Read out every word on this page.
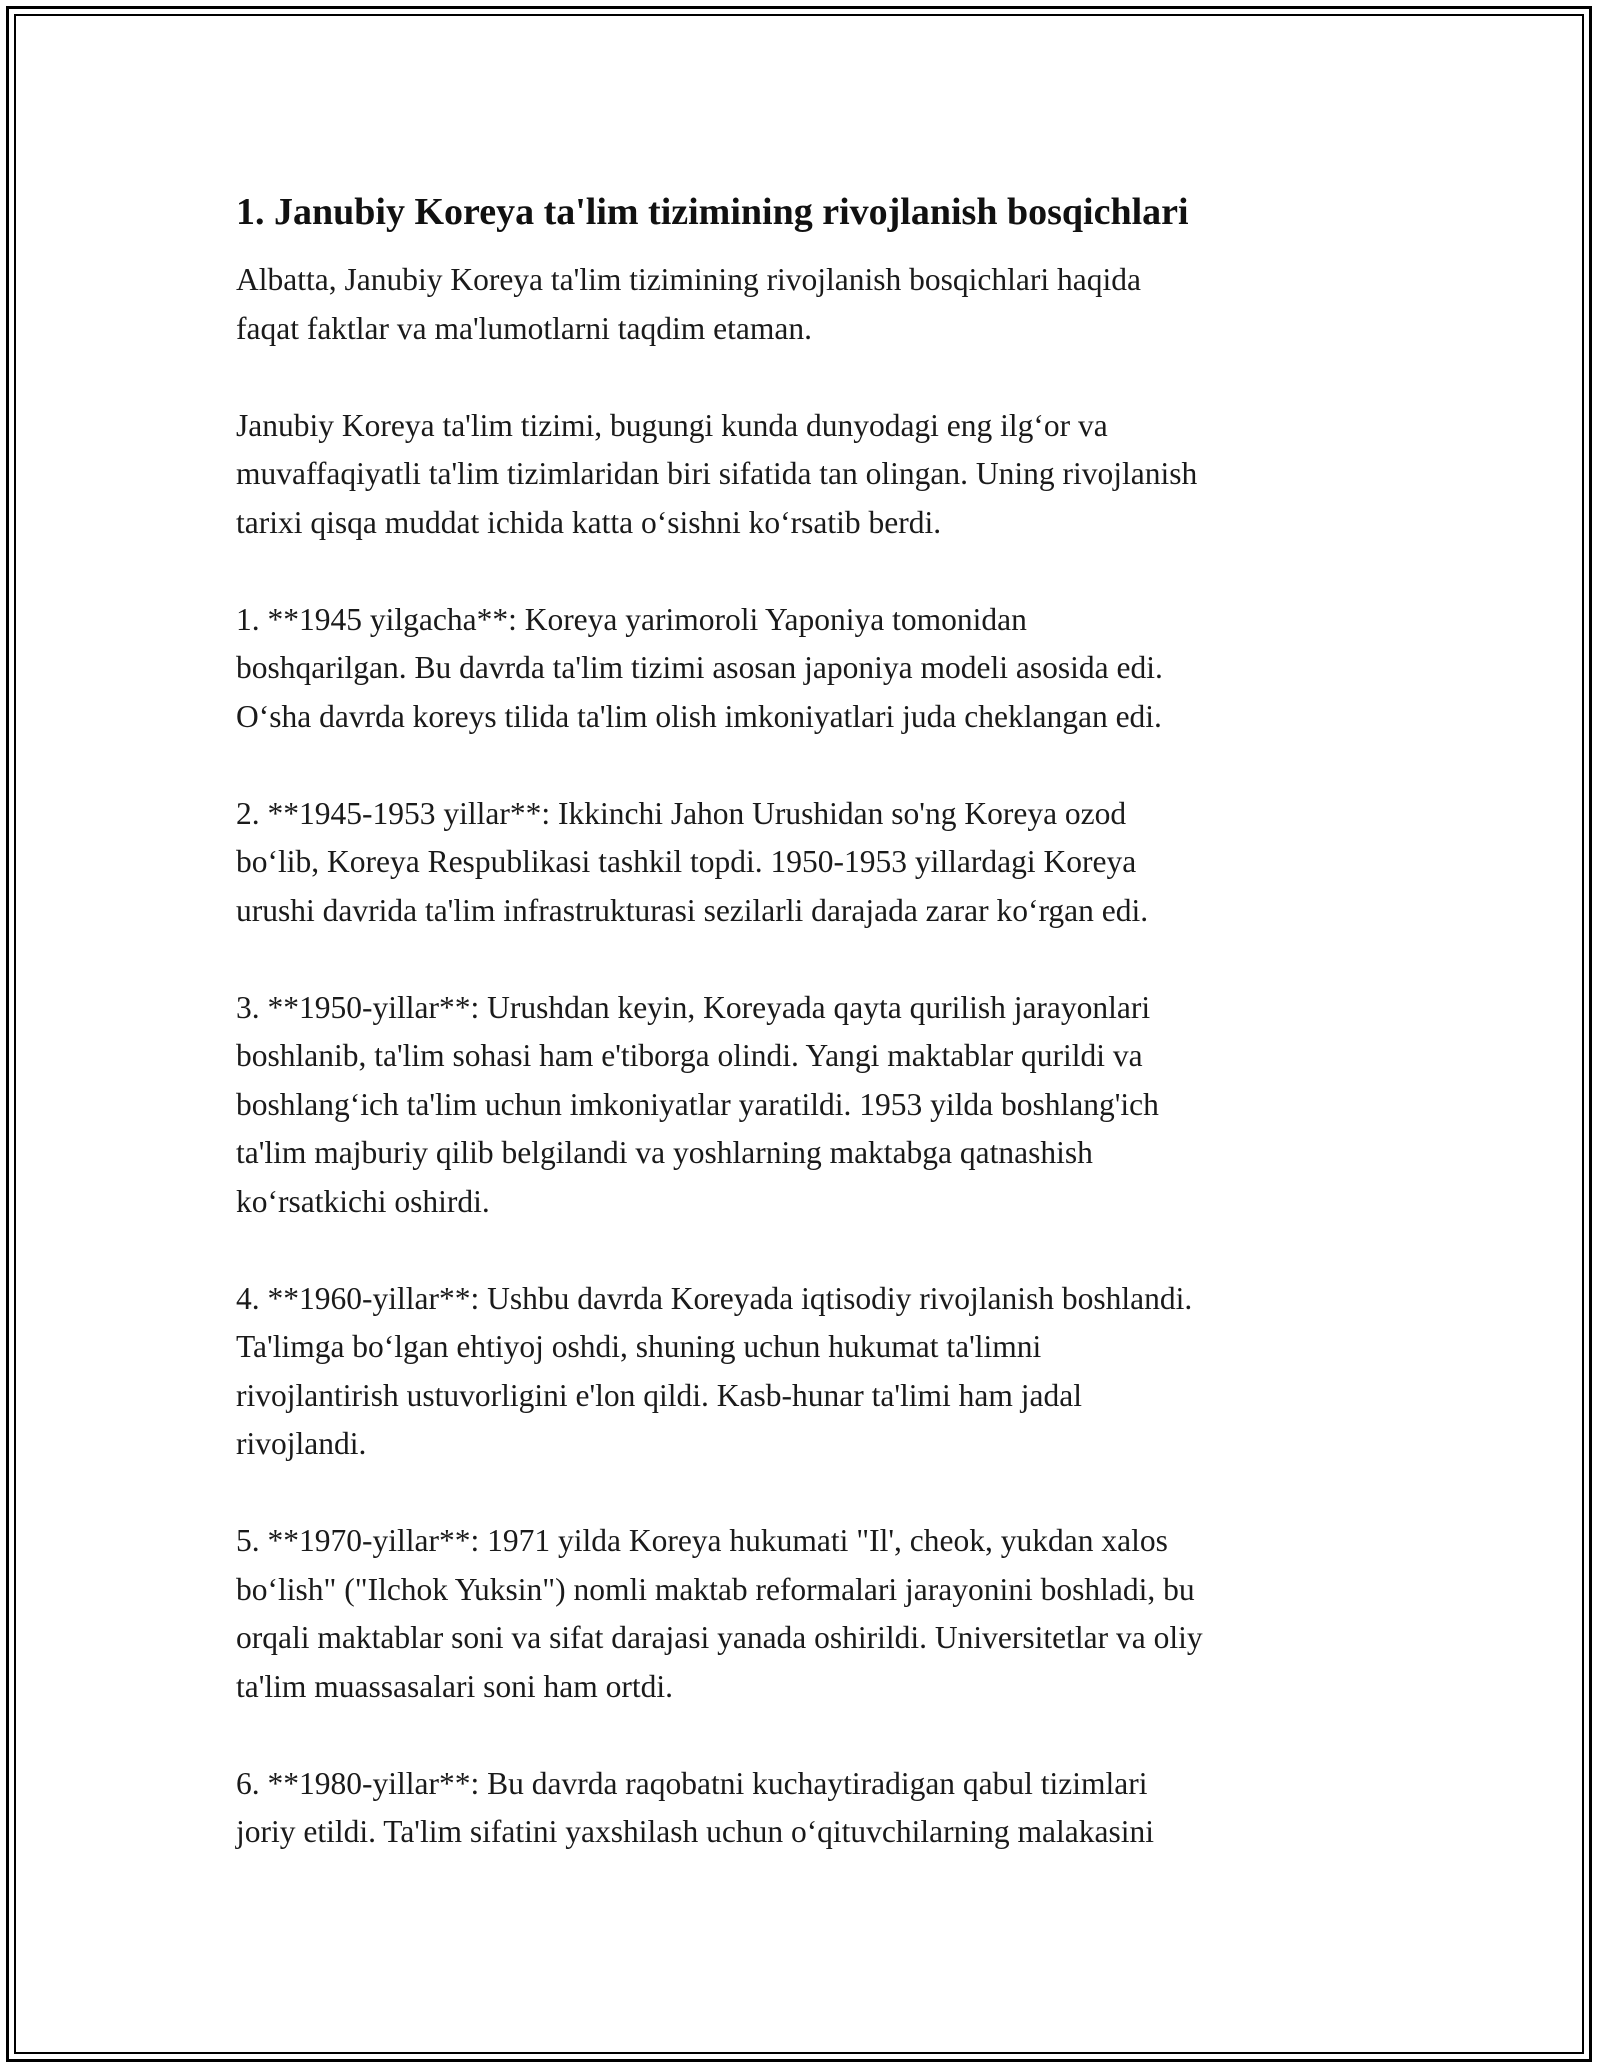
1. Janubiy Koreya ta'lim tizimining rivojlanish bosqichlari
Albatta, Janubiy Koreya ta'lim tizimining rivojlanish bosqichlari haqida
faqat faktlar va ma'lumotlarni taqdim etaman.
Janubiy Koreya ta'lim tizimi, bugungi kunda dunyodagi eng ilg‘or va
muvaffaqiyatli ta'lim tizimlaridan biri sifatida tan olingan. Uning rivojlanish
tarixi qisqa muddat ichida katta o‘sishni ko‘rsatib berdi.
1. **1945 yilgacha**: Koreya yarimoroli Yaponiya tomonidan
boshqarilgan. Bu davrda ta'lim tizimi asosan japoniya modeli asosida edi.
O‘sha davrda koreys tilida ta'lim olish imkoniyatlari juda cheklangan edi.
2. **1945-1953 yillar**: Ikkinchi Jahon Urushidan so'ng Koreya ozod
bo‘lib, Koreya Respublikasi tashkil topdi. 1950-1953 yillardagi Koreya
urushi davrida ta'lim infrastrukturasi sezilarli darajada zarar ko‘rgan edi.
3. **1950-yillar**: Urushdan keyin, Koreyada qayta qurilish jarayonlari
boshlanib, ta'lim sohasi ham e'tiborga olindi. Yangi maktablar qurildi va
boshlang‘ich ta'lim uchun imkoniyatlar yaratildi. 1953 yilda boshlang'ich
ta'lim majburiy qilib belgilandi va yoshlarning maktabga qatnashish
ko‘rsatkichi oshirdi.
4. **1960-yillar**: Ushbu davrda Koreyada iqtisodiy rivojlanish boshlandi.
Ta'limga bo‘lgan ehtiyoj oshdi, shuning uchun hukumat ta'limni
rivojlantirish ustuvorligini e'lon qildi. Kasb-hunar ta'limi ham jadal
rivojlandi.
5. **1970-yillar**: 1971 yilda Koreya hukumati "Il', cheok, yukdan xalos
bo‘lish" ("Ilchok Yuksin") nomli maktab reformalari jarayonini boshladi, bu
orqali maktablar soni va sifat darajasi yanada oshirildi. Universitetlar va oliy
ta'lim muassasalari soni ham ortdi.
6. **1980-yillar**: Bu davrda raqobatni kuchaytiradigan qabul tizimlari
joriy etildi. Ta'lim sifatini yaxshilash uchun o‘qituvchilarning malakasini
